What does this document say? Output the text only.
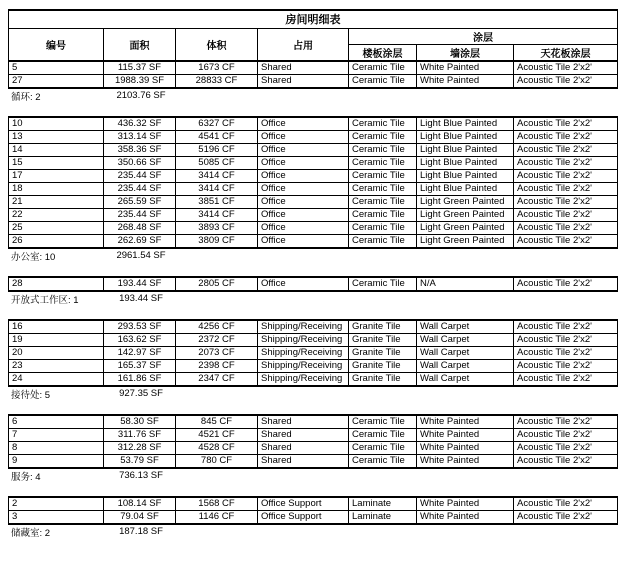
房间明细表						
编号	面积	体积	占用	涂层		
				楼板涂层	墙涂层	天花板涂层
5	115.37 SF	1673 CF	Shared	Ceramic Tile	White Painted	Acoustic Tile 2'x2'
27	1988.39 SF	28833 CF	Shared	Ceramic Tile	White Painted	Acoustic Tile 2'x2'
循环: 2	2103.76 SF
10	436.32 SF	6327 CF	Office	Ceramic Tile	Light Blue Painted	Acoustic Tile 2'x2'
13	313.14 SF	4541 CF	Office	Ceramic Tile	Light Blue Painted	Acoustic Tile 2'x2'
14	358.36 SF	5196 CF	Office	Ceramic Tile	Light Blue Painted	Acoustic Tile 2'x2'
15	350.66 SF	5085 CF	Office	Ceramic Tile	Light Blue Painted	Acoustic Tile 2'x2'
17	235.44 SF	3414 CF	Office	Ceramic Tile	Light Blue Painted	Acoustic Tile 2'x2'
18	235.44 SF	3414 CF	Office	Ceramic Tile	Light Blue Painted	Acoustic Tile 2'x2'
21	265.59 SF	3851 CF	Office	Ceramic Tile	Light Green Painted	Acoustic Tile 2'x2'
22	235.44 SF	3414 CF	Office	Ceramic Tile	Light Green Painted	Acoustic Tile 2'x2'
25	268.48 SF	3893 CF	Office	Ceramic Tile	Light Green Painted	Acoustic Tile 2'x2'
26	262.69 SF	3809 CF	Office	Ceramic Tile	Light Green Painted	Acoustic Tile 2'x2'
办公室: 10	2961.54 SF
28	193.44 SF	2805 CF	Office	Ceramic Tile	N/A	Acoustic Tile 2'x2'
开放式工作区: 1	193.44 SF
16	293.53 SF	4256 CF	Shipping/Receiving	Granite Tile	Wall Carpet	Acoustic Tile 2'x2'
19	163.62 SF	2372 CF	Shipping/Receiving	Granite Tile	Wall Carpet	Acoustic Tile 2'x2'
20	142.97 SF	2073 CF	Shipping/Receiving	Granite Tile	Wall Carpet	Acoustic Tile 2'x2'
23	165.37 SF	2398 CF	Shipping/Receiving	Granite Tile	Wall Carpet	Acoustic Tile 2'x2'
24	161.86 SF	2347 CF	Shipping/Receiving	Granite Tile	Wall Carpet	Acoustic Tile 2'x2'
接待处: 5	927.35 SF
6	58.30 SF	845 CF	Shared	Ceramic Tile	White Painted	Acoustic Tile 2'x2'
7	311.76 SF	4521 CF	Shared	Ceramic Tile	White Painted	Acoustic Tile 2'x2'
8	312.28 SF	4528 CF	Shared	Ceramic Tile	White Painted	Acoustic Tile 2'x2'
9	53.79 SF	780 CF	Shared	Ceramic Tile	White Painted	Acoustic Tile 2'x2'
服务: 4	736.13 SF
2	108.14 SF	1568 CF	Office Support	Laminate	White Painted	Acoustic Tile 2'x2'
3	79.04 SF	1146 CF	Office Support	Laminate	White Painted	Acoustic Tile 2'x2'
储藏室: 2	187.18 SF
